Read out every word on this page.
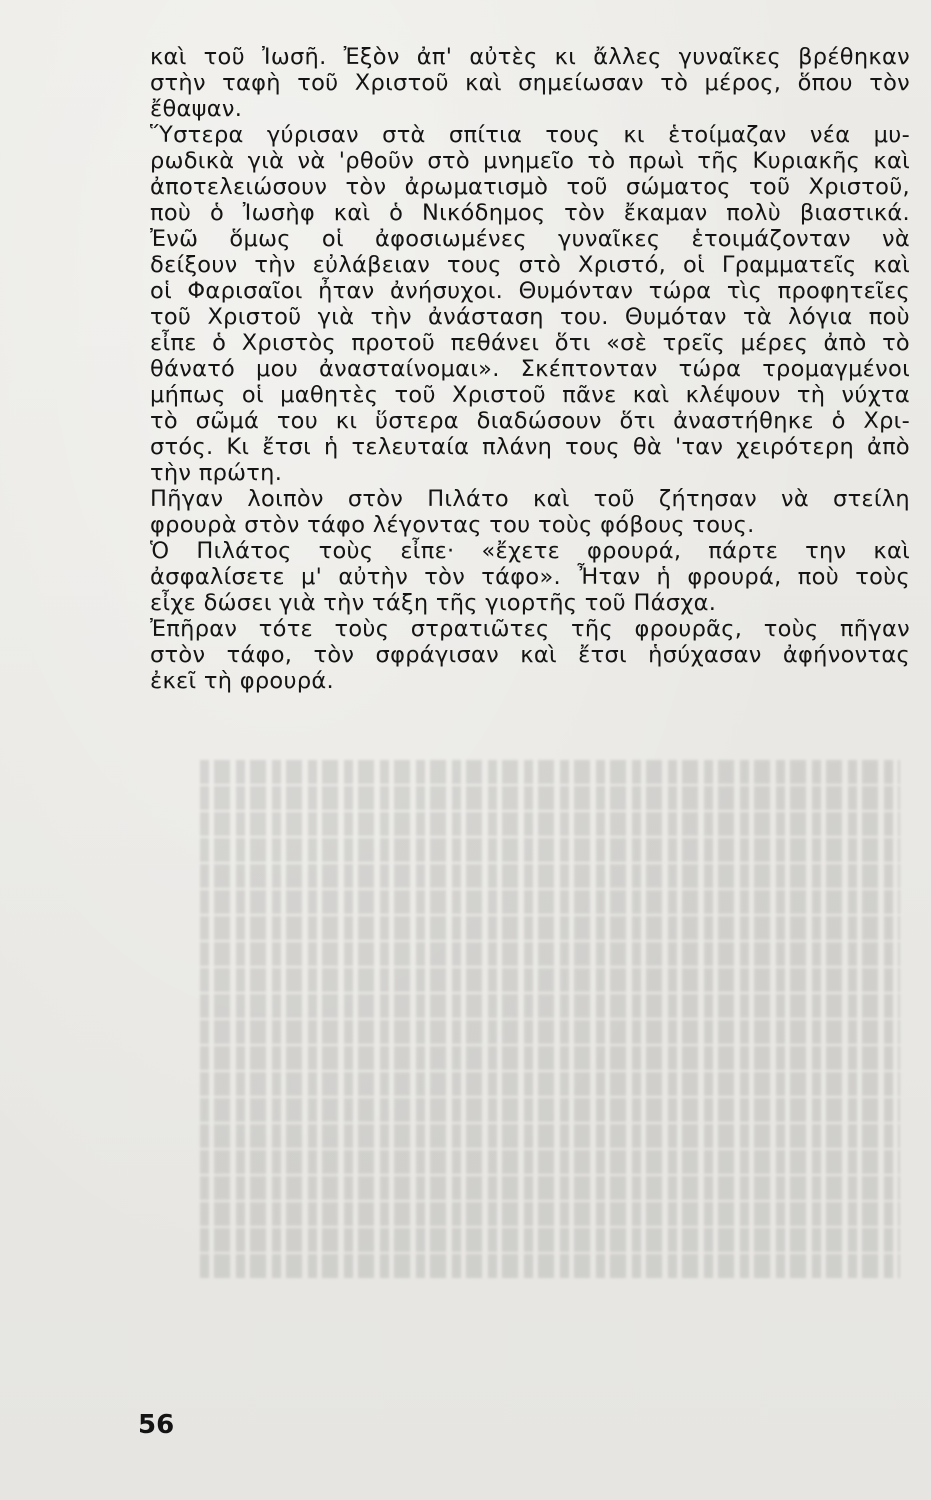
καὶ τοῦ Ἰωσῆ. Ἐξὸν ἀπ' αὐτὲς κι ἄλλες γυναῖκες βρέθηκαν
στὴν ταφὴ τοῦ Χριστοῦ καὶ σημείωσαν τὸ μέρος, ὅπου τὸν
ἔθαψαν.
Ὕστερα γύρισαν στὰ σπίτια τους κι ἑτοίμαζαν νέα μυ-
ρωδικὰ γιὰ νὰ 'ρθοῦν στὸ μνημεῖο τὸ πρωὶ τῆς Κυριακῆς καὶ
ἀποτελειώσουν τὸν ἀρωματισμὸ τοῦ σώματος τοῦ Χριστοῦ,
ποὺ ὁ Ἰωσὴφ καὶ ὁ Νικόδημος τὸν ἔκαμαν πολὺ βιαστικά.
Ἐνῶ ὅμως οἱ ἀφοσιωμένες γυναῖκες ἑτοιμάζονταν νὰ
δείξουν τὴν εὐλάβειαν τους στὸ Χριστό, οἱ Γραμματεῖς καὶ
οἱ Φαρισαῖοι ἦταν ἀνήσυχοι. Θυμόνταν τώρα τὶς προφητεῖες
τοῦ Χριστοῦ γιὰ τὴν ἀνάσταση του. Θυμόταν τὰ λόγια ποὺ
εἶπε ὁ Χριστὸς προτοῦ πεθάνει ὅτι «σὲ τρεῖς μέρες ἀπὸ τὸ
θάνατό μου ἀνασταίνομαι». Σκέπτονταν τώρα τρομαγμένοι
μήπως οἱ μαθητὲς τοῦ Χριστοῦ πᾶνε καὶ κλέψουν τὴ νύχτα
τὸ σῶμά του κι ὕστερα διαδώσουν ὅτι ἀναστήθηκε ὁ Χρι-
στός. Κι ἔτσι ἡ τελευταία πλάνη τους θὰ 'ταν χειρότερη ἀπὸ
τὴν πρώτη.
Πῆγαν λοιπὸν στὸν Πιλάτο καὶ τοῦ ζήτησαν νὰ στείλη
φρουρὰ στὸν τάφο λέγοντας του τοὺς φόβους τους.
Ὁ Πιλάτος τοὺς εἶπε· «ἔχετε φρουρά, πάρτε την καὶ
ἀσφαλίσετε μ' αὐτὴν τὸν τάφο». Ἦταν ἡ φρουρά, ποὺ τοὺς
εἶχε δώσει γιὰ τὴν τάξη τῆς γιορτῆς τοῦ Πάσχα.
Ἐπῆραν τότε τοὺς στρατιῶτες τῆς φρουρᾶς, τοὺς πῆγαν
στὸν τάφο, τὸν σφράγισαν καὶ ἔτσι ἡσύχασαν ἀφήνοντας
ἐκεῖ τὴ φρουρά.
56
